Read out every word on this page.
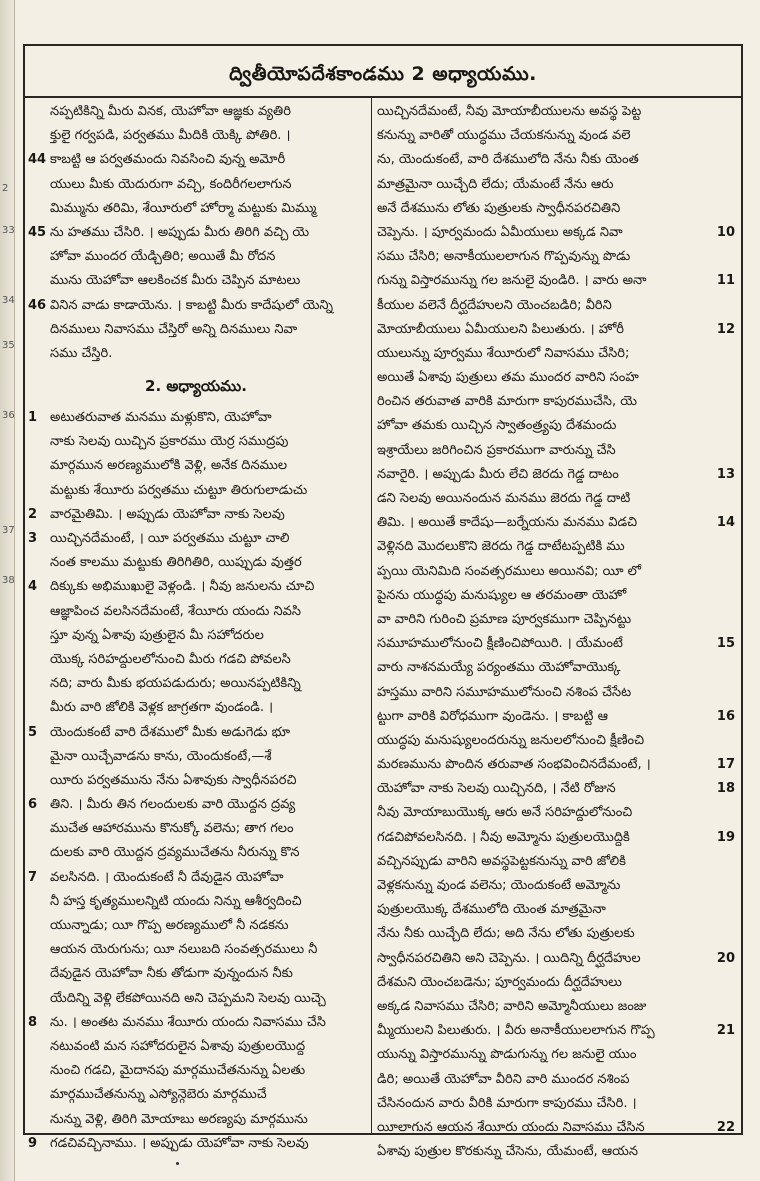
2
33
34
35
36
37
38
ద్వితీయోపదేశకాండము 2 అధ్యాయము.
నప్పటికిన్ని మీరు వినక, యెహోవా ఆజ్ఞకు వ్యతిరి
క్తులై గర్వపడి, పర్వతము మీదికి యెక్కి పోతిరి. ।
44 కాబట్టి ఆ పర్వతమందు నివసించి వున్న అమోరీ
యులు మీకు యెదురుగా వచ్చి, కందిరీగలలాగున
మిమ్మును తరిమి, శేయీరులో హోర్మా మట్టుకు మిమ్ము
45 ను హతము చేసిరి. । అప్పుడు మీరు తిరిగి వచ్చి యె
హోవా ముందర యేడ్చితిరి; అయితే మీ రోదన
మును యెహోవా ఆలకించక మీరు చెప్పిన మాటలు
46 వినిన వాడు కాడాయెను. । కాబట్టి మీరు కాదేషులో యెన్ని
దినములు నివాసము చేస్తిరో అన్ని దినములు నివా
సము చేస్తిరి.
2. అధ్యాయము.
1 అటుతరువాత మనము మళ్లుకొని, యెహోవా
నాకు సెలవు యిచ్చిన ప్రకారము యెర్ర సముద్రపు
మార్గమున అరణ్యములోకి వెళ్లి, అనేక దినముల
మట్టుకు శేయీరు పర్వతము చుట్టూ తిరుగులాడుచు
2 వారమైతిమి. । అప్పుడు యెహోవా నాకు సెలవు
3 యిచ్చినదేమంటే, । యీ పర్వతము చుట్టూ చాలి
నంత కాలము మట్టుకు తిరిగితిరి, యిప్పుడు వుత్తర
4 దిక్కుకు అభిముఖులై వెళ్లండి. । నీవు జనులను చూచి
ఆజ్ఞాపించ వలసినదేమంటే, శేయీరు యందు నివసి
స్తూ వున్న ఏశావు పుత్రులైన మీ సహోదరుల
యొక్క సరిహద్దులలోనుంచి మీరు గడచి పోవలసి
నది; వారు మీకు భయపడుదురు; అయినప్పటికిన్ని
మీరు వారి జోలికి వెళ్లక జాగ్రతగా వుండండి. ।
5 యెందుకంటే వారి దేశములో మీకు అడుగెడు భూ
మైనా యిచ్చేవాడను కాను, యెందుకంటే,—శే
యీరు పర్వతమును నేను ఏశావుకు స్వాధీనపరచి
6 తిని. । మీరు తిన గలందులకు వారి యొద్దన ద్రవ్య
ముచేత ఆహారమును కొనుక్కో వలెను; తాగ గలం
దులకు వారి యొద్దన ద్రవ్యముచేతను నీరున్ను కొన
7 వలసినది. । యెందుకంటే నీ దేవుడైన యెహోవా
నీ హస్త కృత్యములన్నిటి యందు నిన్ను ఆశీర్వదించి
యున్నాడు; యీ గొప్ప అరణ్యములో నీ నడకను
ఆయన యెరుగును; యీ నలుబది సంవత్సరములు నీ
దేవుడైన యెహోవా నీకు తోడుగా వున్నందున నీకు
యేదిన్ని వెళ్లి లేకపోయినది అని చెప్పమని సెలవు యిచ్చె
8 ను. । అంతట మనము శేయీరు యందు నివాసము చేసి
నటువంటి మన సహోదరులైన ఏశావు పుత్రులయొద్ద
నుంచి గడచి, మైదానపు మార్గముచేతనున్ను ఏలతు
మార్గముచేతనున్ను ఎస్యోన్గెబెరు మార్గముచే
నున్ను వెళ్లి, తిరిగి మోయాబు అరణ్యపు మార్గమును
9 గడచివచ్చినాము. । అప్పుడు యెహోవా నాకు సెలవు
యిచ్చినదేమంటే, నీవు మోయాబీయులను అవస్థ పెట్ట
కనున్ను వారితో యుద్ధము చేయకనున్ను వుండ వలె
ను, యెందుకంటే, వారి దేశములోది నేను నీకు యెంత
మాత్రమైనా యిచ్చేది లేదు; యేమంటే నేను ఆరు
అనే దేశమును లోతు పుత్రులకు స్వాధీనపరచితిని
చెప్పెను. । పూర్వమందు ఏమీయులు అక్కడ నివా	10
సము చేసిరి; అనాకీయులలాగున గొప్పవున్ను పొడు
గున్ను విస్తారమున్ను గల జనులై వుండిరి. । వారు అనా	11
కీయుల వలెనే దీర్ఘదేహులని యెంచబడిరి; వీరిని
మోయాబీయులు ఏమీయులని పిలుతురు. । హోరీ	12
యులున్ను పూర్వము శేయీరులో నివాసము చేసిరి;
అయితే ఏశావు పుత్రులు తమ ముందర వారిని సంహ
రించిన తరువాత వారికి మారుగా కాపురముచేసి, యె
హోవా తమకు యిచ్చిన స్వాతంత్ర్యపు దేశమందు
ఇశ్రాయేలు జరిగించిన ప్రకారముగా వారున్ను చేసి
నవారైరి. । అప్పుడు మీరు లేచి జెరదు గెడ్డ దాటం	13
డని సెలవు అయినందున మనము జెరదు గెడ్డ దాటి
తిమి. । అయితే కాదేషు—బర్నేయను మనము విడచి	14
వెళ్లినది మొదలుకొని జెరదు గెడ్డ దాటేటప్పటికి ము
ప్పయి యెనిమిది సంవత్సరములు అయినవి; యీ లో
పైనను యుద్ధపు మనుష్యుల ఆ తరమంతా యెహో
వా వారిని గురించి ప్రమాణ పూర్వకముగా చెప్పినట్టు
సమూహములోనుంచి క్షీణించిపోయిరి. । యేమంటే	15
వారు నాశనమయ్యే పర్యంతము యెహోవాయొక్క
హస్తము వారిని సమూహములోనుంచి నశింప చేసేట
ట్టుగా వారికి విరోధముగా వుండెను. । కాబట్టి ఆ	16
యుద్ధపు మనుష్యులందరున్ను జనులలోనుంచి క్షీణించి
మరణమును పొందిన తరువాత సంభవించినదేమంటే, ।	17
యెహోవా నాకు సెలవు యిచ్చినది, । నేటి రోజున	18
నీవు మోయాబుయొక్క ఆరు అనే సరిహద్దులోనుంచి
గడచిపోవలసినది. । నీవు అమ్మోను పుత్రులయొద్దికి	19
వచ్చినప్పుడు వారిని అవస్థపెట్టకనున్ను వారి జోలికి
వెళ్లకనున్ను వుండ వలెను; యెందుకంటే అమ్మోను
పుత్రులయొక్క దేశములోది యెంత మాత్రమైనా
నేను నీకు యిచ్చేది లేదు; అది నేను లోతు పుత్రులకు
స్వాధీనపరచితిని అని చెప్పెను. । యిదిన్ని దీర్ఘదేహుల	20
దేశమని యెంచబడెను; పూర్వమందు దీర్ఘదేహులు
అక్కడ నివాసము చేసిరి; వారిని అమ్మోనీయులు జంజు
మ్మీయులని పిలుతురు. । వీరు అనాకీయులలాగున గొప్ప	21
యున్ను విస్తారమున్ను పొడుగున్ను గల జనులై యుం
డిరి; అయితే యెహోవా వీరిని వారి ముందర నశింప
చేసినందున వారు వీరికి మారుగా కాపురము చేసిరి. ।
యీలాగున ఆయన శేయీరు యందు నివాసము చేసిన	22
ఏశావు పుత్రుల కొరకున్ను చేసెను, యేమంటే, ఆయన
